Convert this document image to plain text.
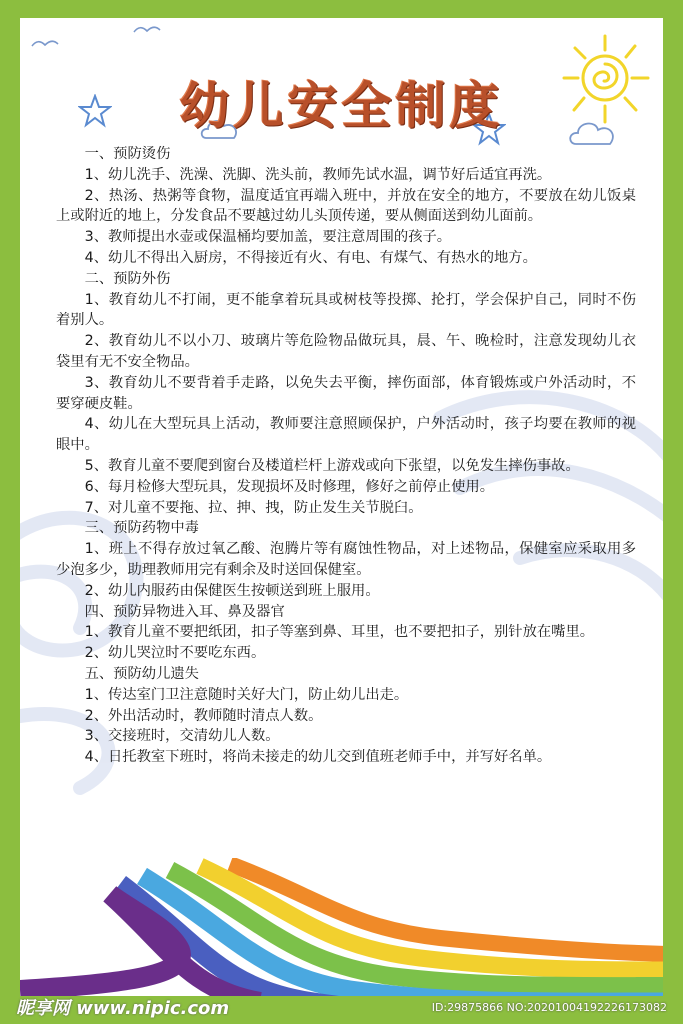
幼儿安全制度

一、预防烫伤

1、幼儿洗手、洗澡、洗脚、洗头前，教师先试水温，调节好后适宜再洗。

2、热汤、热粥等食物，温度适宜再端入班中，并放在安全的地方，不要放在幼儿饭桌上或附近的地上，分发食品不要越过幼儿头顶传递，要从侧面送到幼儿面前。

3、教师提出水壶或保温桶均要加盖，要注意周围的孩子。

4、幼儿不得出入厨房，不得接近有火、有电、有煤气、有热水的地方。

二、预防外伤

1、教育幼儿不打闹，更不能拿着玩具或树枝等投掷、抡打，学会保护自己，同时不伤着别人。

2、教育幼儿不以小刀、玻璃片等危险物品做玩具，晨、午、晚检时，注意发现幼儿衣袋里有无不安全物品。

3、教育幼儿不要背着手走路，以免失去平衡，摔伤面部，体育锻炼或户外活动时，不要穿硬皮鞋。

4、幼儿在大型玩具上活动，教师要注意照顾保护，户外活动时，孩子均要在教师的视眼中。

5、教育儿童不要爬到窗台及楼道栏杆上游戏或向下张望，以免发生摔伤事故。

6、每月检修大型玩具，发现损坏及时修理，修好之前停止使用。

7、对儿童不要拖、拉、抻、拽，防止发生关节脱臼。

三、预防药物中毒

1、班上不得存放过氧乙酸、泡腾片等有腐蚀性物品，对上述物品，保健室应采取用多少泡多少，助理教师用完有剩余及时送回保健室。

2、幼儿内服药由保健医生按顿送到班上服用。

四、预防异物进入耳、鼻及器官

1、教育儿童不要把纸团，扣子等塞到鼻、耳里，也不要把扣子，别针放在嘴里。

2、幼儿哭泣时不要吃东西。

五、预防幼儿遗失

1、传达室门卫注意随时关好大门，防止幼儿出走。

2、外出活动时，教师随时清点人数。

3、交接班时，交清幼儿人数。

4、日托教室下班时，将尚未接走的幼儿交到值班老师手中，并写好名单。

昵享网 www.nipic.com	ID:29875866 NO:20201004192226173082
